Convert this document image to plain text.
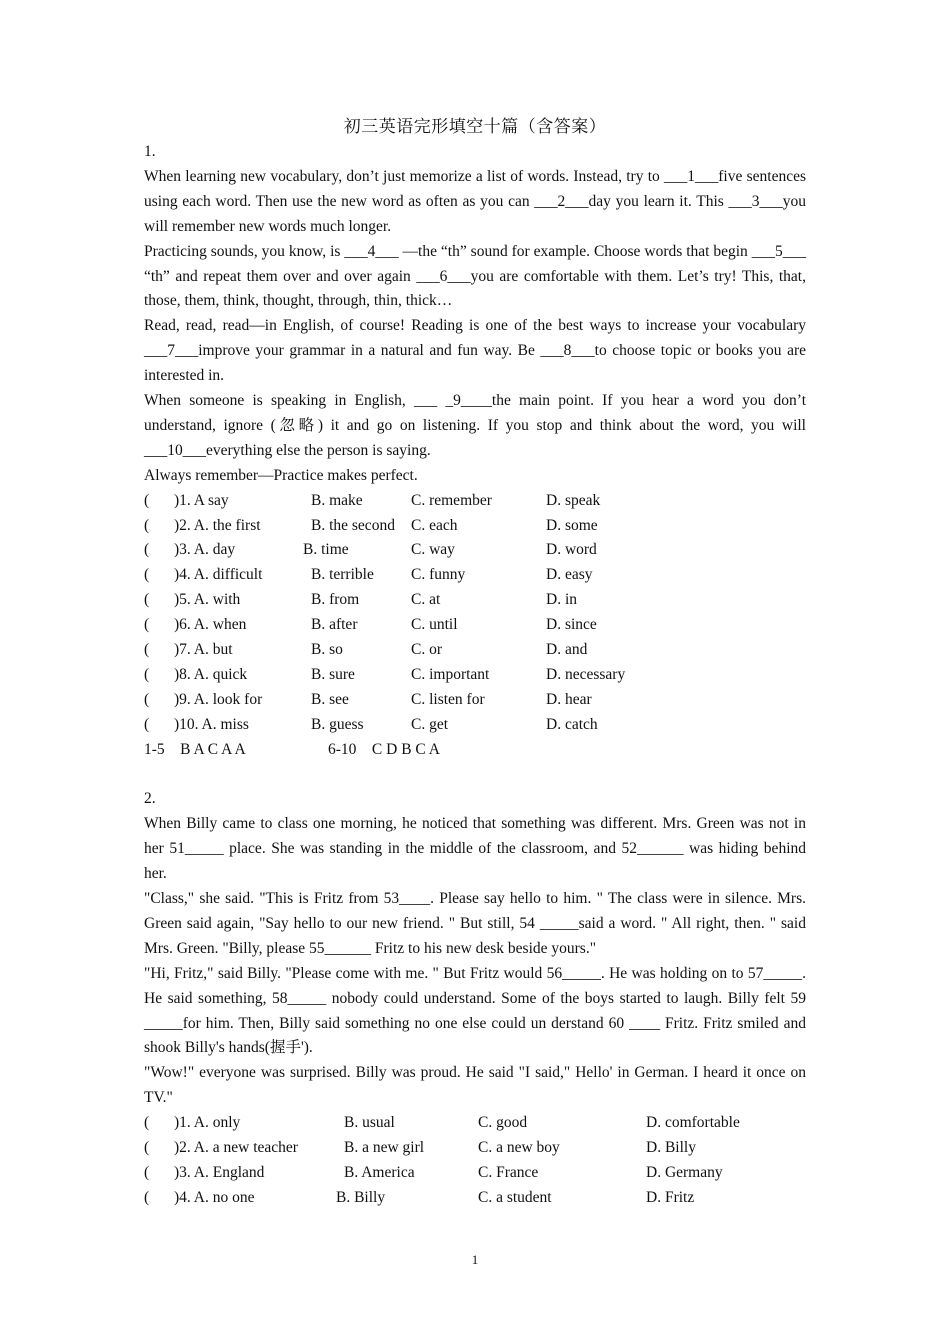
初三英语完形填空十篇（含答案）
1.

When learning new vocabulary, don’t just memorize a list of words. Instead, try to ___1___five sentences using each word. Then use the new word as often as you can ___2___day you learn it. This ___3___you will remember new words much longer.

Practicing sounds, you know, is ___4___ —the “th” sound for example. Choose words that begin ___5___ “th” and repeat them over and over again ___6___you are comfortable with them. Let’s try! This, that, those, them, think, thought, through, thin, thick…

Read, read, read—in English, of course! Reading is one of the best ways to increase your vocabulary ___7___improve your grammar in a natural and fun way. Be ___8___to choose topic or books you are interested in.

When someone is speaking in English, ___ _9____the main point. If you hear a word you don’t understand, ignore (忽略) it and go on listening. If you stop and think about the word, you will ___10___everything else the person is saying.

Always remember—Practice makes perfect.

( )1. A say	B. make	C. remember	D. speak
( )2. A. the first	B. the second C. each	D. some
( )3. A. day	B. time	C. way	D. word
( )4. A. difficult	B. terrible C. funny	D. easy
( )5. A. with	B. from	C. at	D. in
( )6. A. when	B. after	C. until	D. since
( )7. A. but	B. so	C. or	D. and
( )8. A. quick	B. sure	C. important	D. necessary
( )9. A. look for	B. see	C. listen for	D. hear
( )10. A. miss	B. guess	C. get	D. catch

1-5    B A C A A

	6-10    C D B C A

2.

When Billy came to class one morning, he noticed that something was different. Mrs. Green was not in her 51_____ place. She was standing in the middle of the classroom, and 52______ was hiding behind her.

"Class," she said. "This is Fritz from 53____. Please say hello to him. " The class were in silence. Mrs. Green said again, "Say hello to our new friend. " But still, 54 _____said a word. " All right, then. " said Mrs. Green. "Billy, please 55______ Fritz to his new desk beside yours."

"Hi, Fritz," said Billy. "Please come with me. " But Fritz would 56_____. He was holding on to 57_____. He said something, 58_____ nobody could understand. Some of the boys started to laugh. Billy felt 59 _____for him. Then, Billy said something no one else could un derstand 60 ____ Fritz. Fritz smiled and shook Billy's hands(握手').

"Wow!" everyone was surprised. Billy was proud. He said "I said," Hello' in German. I heard it once on TV."

( )1. A. only	B. usual	C. good	D. comfortable
( )2. A. a new teacher	B. a new girl	C. a new boy	D. Billy
( )3. A. England	B. America	C. France	D. Germany
( )4. A. no one	B. Billy	C. a student	D. Fritz
1
